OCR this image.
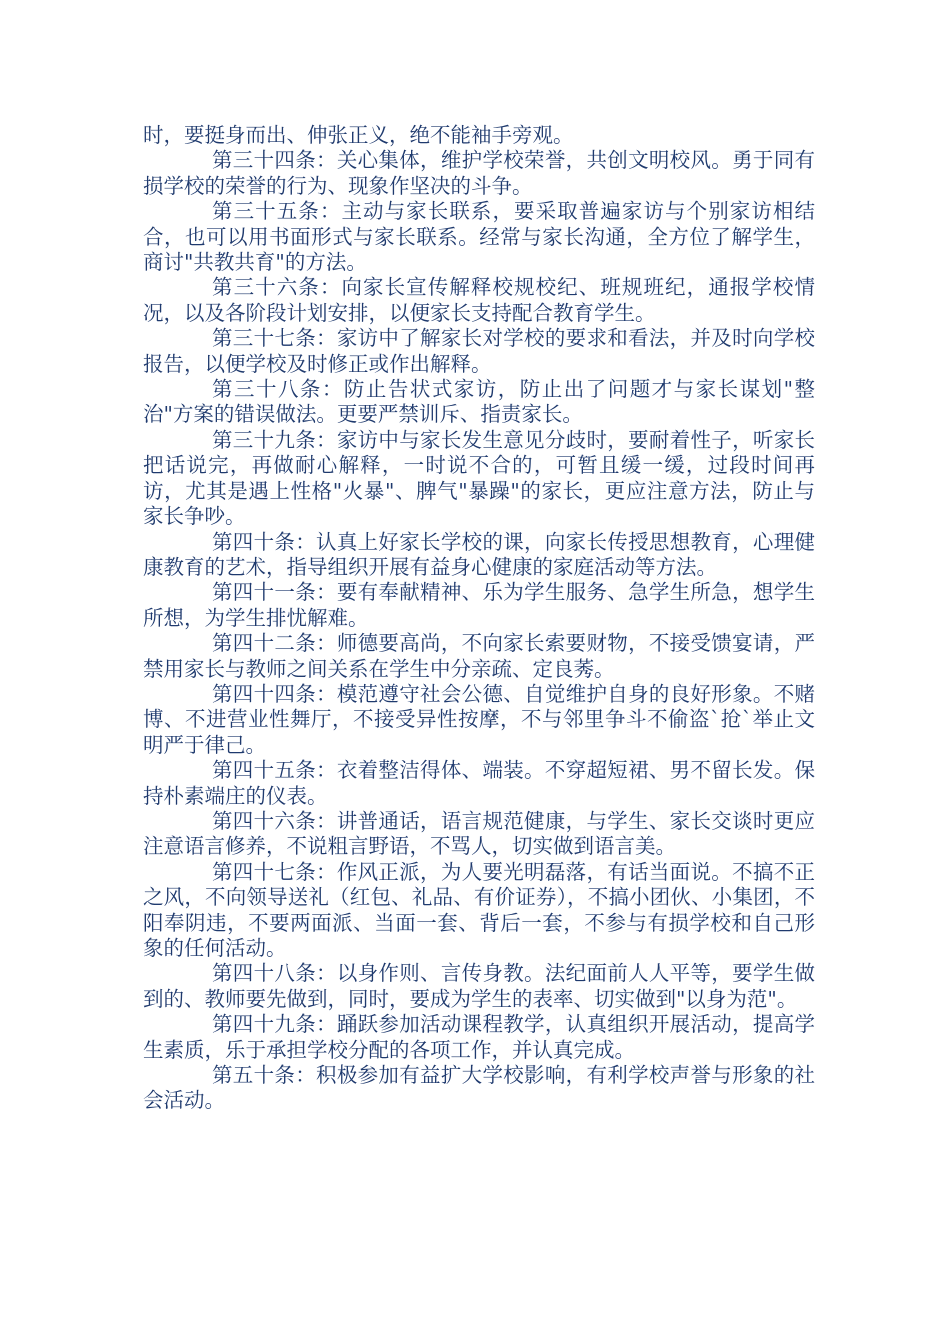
时，要挺身而出、伸张正义，绝不能袖手旁观。

第三十四条：关心集体，维护学校荣誉，共创文明校风。勇于同有损学校的荣誉的行为、现象作坚决的斗争。

第三十五条：主动与家长联系，要采取普遍家访与个别家访相结合，也可以用书面形式与家长联系。经常与家长沟通，全方位了解学生，商讨"共教共育"的方法。

第三十六条：向家长宣传解释校规校纪、班规班纪，通报学校情况，以及各阶段计划安排，以便家长支持配合教育学生。

第三十七条：家访中了解家长对学校的要求和看法，并及时向学校报告，以便学校及时修正或作出解释。

第三十八条：防止告状式家访，防止出了问题才与家长谋划"整治"方案的错误做法。更要严禁训斥、指责家长。

第三十九条：家访中与家长发生意见分歧时，要耐着性子，听家长把话说完，再做耐心解释，一时说不合的，可暂且缓一缓，过段时间再访，尤其是遇上性格"火暴"、脾气"暴躁"的家长，更应注意方法，防止与家长争吵。

第四十条：认真上好家长学校的课，向家长传授思想教育，心理健康教育的艺术，指导组织开展有益身心健康的家庭活动等方法。

第四十一条：要有奉献精神、乐为学生服务、急学生所急，想学生所想，为学生排忧解难。

第四十二条：师德要高尚，不向家长索要财物，不接受馈宴请，严禁用家长与教师之间关系在学生中分亲疏、定良莠。

第四十四条：模范遵守社会公德、自觉维护自身的良好形象。不赌博、不进营业性舞厅，不接受异性按摩，不与邻里争斗不偷盗`抢`举止文明严于律己。

第四十五条：衣着整洁得体、端装。不穿超短裙、男不留长发。保持朴素端庄的仪表。

第四十六条：讲普通话，语言规范健康，与学生、家长交谈时更应注意语言修养，不说粗言野语，不骂人，切实做到语言美。

第四十七条：作风正派，为人要光明磊落，有话当面说。不搞不正之风，不向领导送礼（红包、礼品、有价证券），不搞小团伙、小集团，不阳奉阴违，不要两面派、当面一套、背后一套，不参与有损学校和自己形象的任何活动。

第四十八条：以身作则、言传身教。法纪面前人人平等，要学生做到的、教师要先做到，同时，要成为学生的表率、切实做到"以身为范"。

第四十九条：踊跃参加活动课程教学，认真组织开展活动，提高学生素质，乐于承担学校分配的各项工作，并认真完成。

第五十条：积极参加有益扩大学校影响，有利学校声誉与形象的社会活动。
